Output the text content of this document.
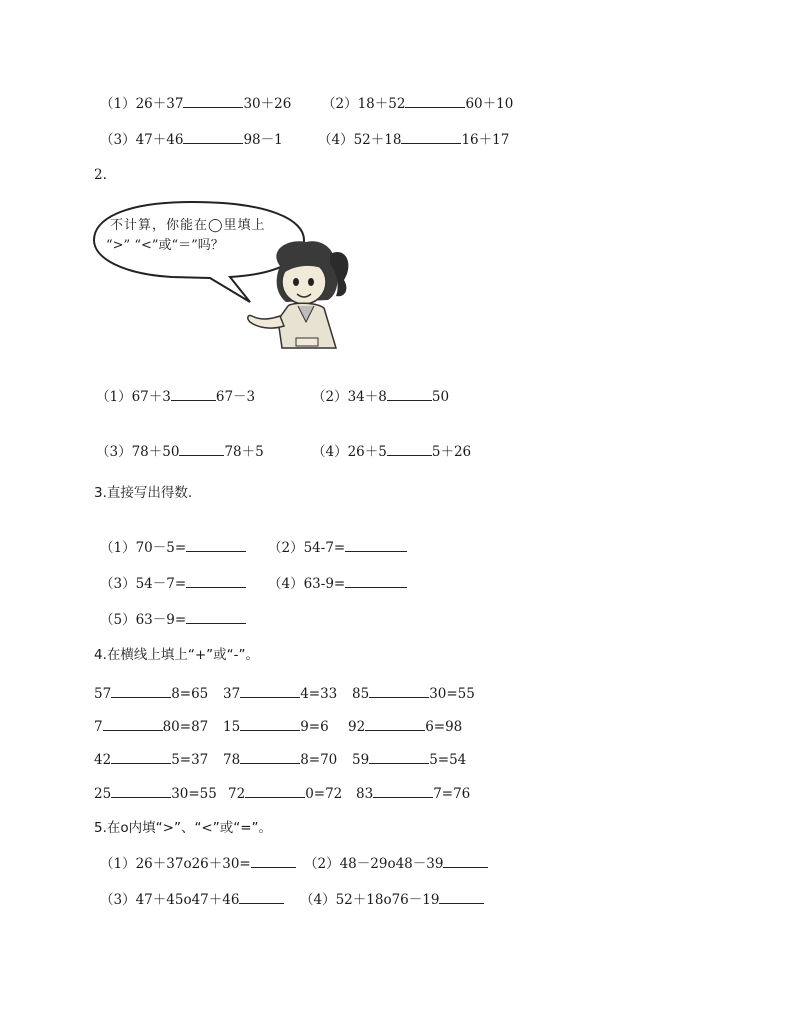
（1）26＋37	30＋26 （2）18＋52	60＋10
（3）47＋46	98－1	（4）52＋18	16＋17
2.
不计算，你能在◯里填上
“>” “<”或“＝”吗？
（1）67＋3	67－3	（2）34＋8	50
（3）78＋50	78＋5	（4）26＋5	5＋26
3.直接写出得数.
（1）70－5=	（2）54-7=
（3）54－7=	（4）63-9=
（5）63－9=
4.在横线上填上“+”或“-”。
57	8=65 37	4=33 85	30=55
7	80=87 15	9=6 92	6=98
42	5=37 78	8=70 59	5=54
25	30=55 72	0=72 83	7=76
5.在o内填“>”、“<”或“=”。
（1）26＋37o26＋30=	（2）48－29o48－39
（3）47＋45o47＋46	（4）52＋18o76－19
